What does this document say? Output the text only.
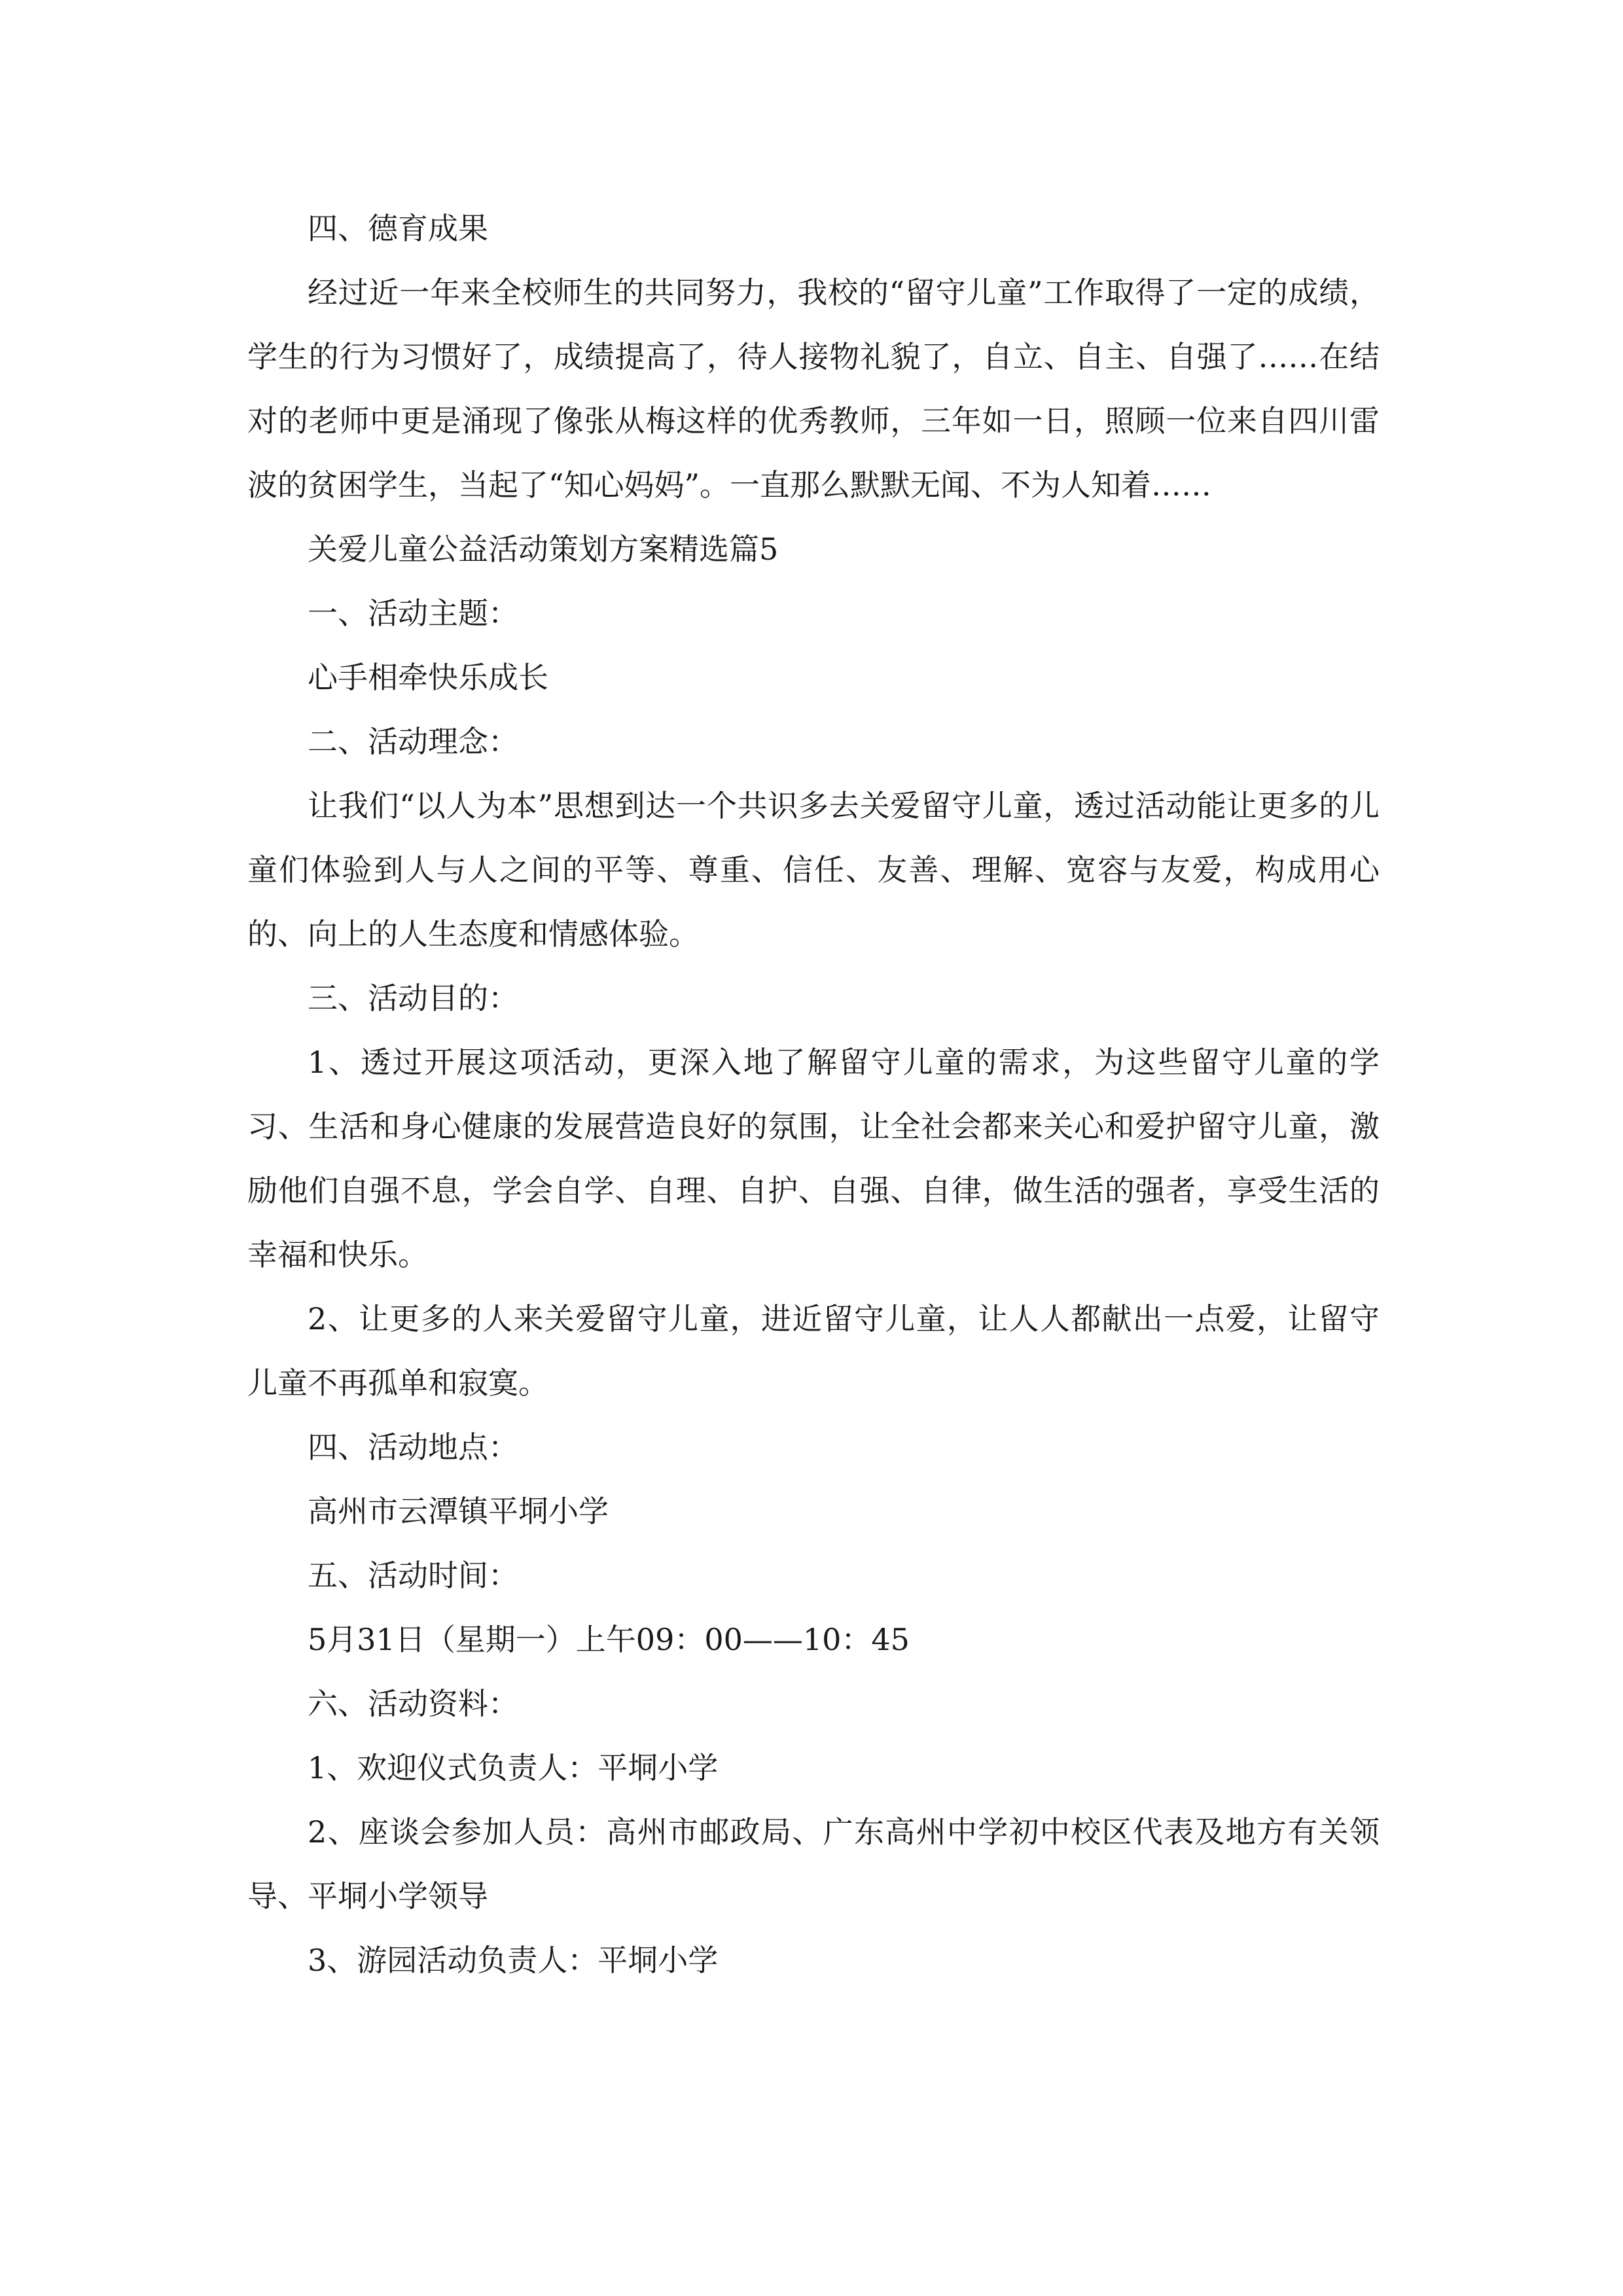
四、德育成果

经过近一年来全校师生的共同努力，我校的“留守儿童”工作取得了一定的成绩，学生的行为习惯好了，成绩提高了，待人接物礼貌了，自立、自主、自强了……在结对的老师中更是涌现了像张从梅这样的优秀教师，三年如一日，照顾一位来自四川雷波的贫困学生，当起了“知心妈妈”。一直那么默默无闻、不为人知着……

关爱儿童公益活动策划方案精选篇5

一、活动主题：

心手相牵快乐成长

二、活动理念：

让我们“以人为本”思想到达一个共识多去关爱留守儿童，透过活动能让更多的儿童们体验到人与人之间的平等、尊重、信任、友善、理解、宽容与友爱，构成用心的、向上的人生态度和情感体验。

三、活动目的：

1、透过开展这项活动，更深入地了解留守儿童的需求，为这些留守儿童的学习、生活和身心健康的发展营造良好的氛围，让全社会都来关心和爱护留守儿童，激励他们自强不息，学会自学、自理、自护、自强、自律，做生活的强者，享受生活的幸福和快乐。

2、让更多的人来关爱留守儿童，进近留守儿童，让人人都献出一点爱，让留守儿童不再孤单和寂寞。

四、活动地点：

高州市云潭镇平垌小学

五、活动时间：

5月31日（星期一）上午09：00——10：45

六、活动资料：

1、欢迎仪式负责人：平垌小学

2、座谈会参加人员：高州市邮政局、广东高州中学初中校区代表及地方有关领导、平垌小学领导

3、游园活动负责人：平垌小学
